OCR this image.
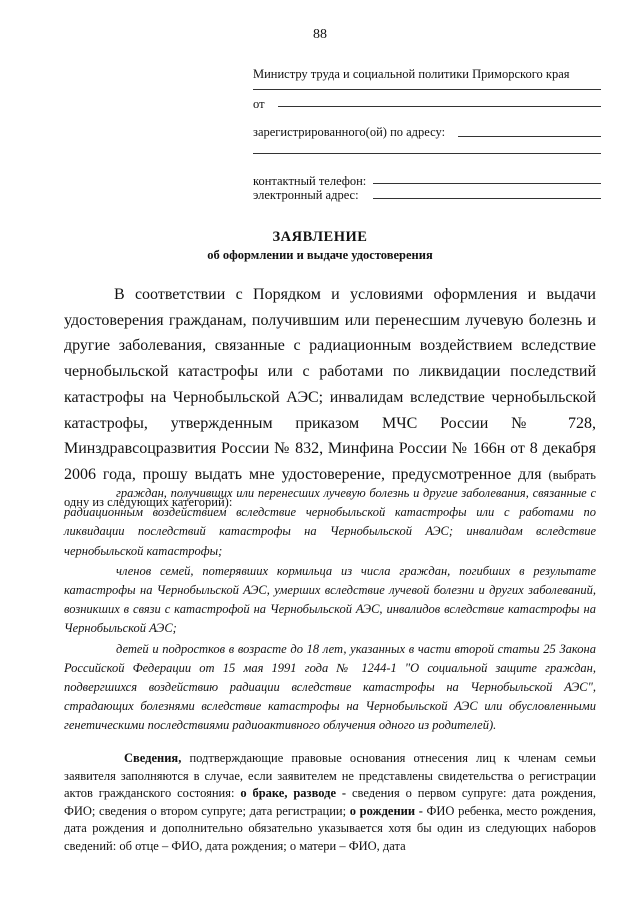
88
Министру труда и социальной политики Приморского края
от
зарегистрированного(ой) по адресу:
контактный телефон:
электронный адрес:
ЗАЯВЛЕНИЕ
об оформлении и выдаче удостоверения
В соответствии с Порядком и условиями оформления и выдачи удостоверения гражданам, получившим или перенесшим лучевую болезнь и другие заболевания, связанные с радиационным воздействием вследствие чернобыльской катастрофы или с работами по ликвидации последствий катастрофы на Чернобыльской АЭС; инвалидам вследствие чернобыльской катастрофы, утвержденным приказом МЧС России № 728, Минздравсоцразвития России № 832, Минфина России № 166н от 8 декабря 2006 года, прошу выдать мне удостоверение, предусмотренное для (выбрать одну из следующих категорий):

граждан, получивших или перенесших лучевую болезнь и другие заболевания, связанные с радиационным воздействием вследствие чернобыльской катастрофы или с работами по ликвидации последствий катастрофы на Чернобыльской АЭС; инвалидам вследствие чернобыльской катастрофы;

членов семей, потерявших кормильца из числа граждан, погибших в результате катастрофы на Чернобыльской АЭС, умерших вследствие лучевой болезни и других заболеваний, возникших в связи с катастрофой на Чернобыльской АЭС, инвалидов вследствие катастрофы на Чернобыльской АЭС;

детей и подростков в возрасте до 18 лет, указанных в части второй статьи 25 Закона Российской Федерации от 15 мая 1991 года № 1244-1 "О социальной защите граждан, подвергшихся воздействию радиации вследствие катастрофы на Чернобыльской АЭС", страдающих болезнями вследствие катастрофы на Чернобыльской АЭС или обусловленными генетическими последствиями радиоактивного облучения одного из родителей).

Сведения, подтверждающие правовые основания отнесения лиц к членам семьи заявителя заполняются в случае, если заявителем не представлены свидетельства о регистрации актов гражданского состояния: о браке, разводе - сведения о первом супруге: дата рождения, ФИО; сведения о втором супруге; дата регистрации; о рождении - ФИО ребенка, место рождения, дата рождения и дополнительно обязательно указывается хотя бы один из следующих наборов сведений: об отце – ФИО, дата рождения; о матери – ФИО, дата
